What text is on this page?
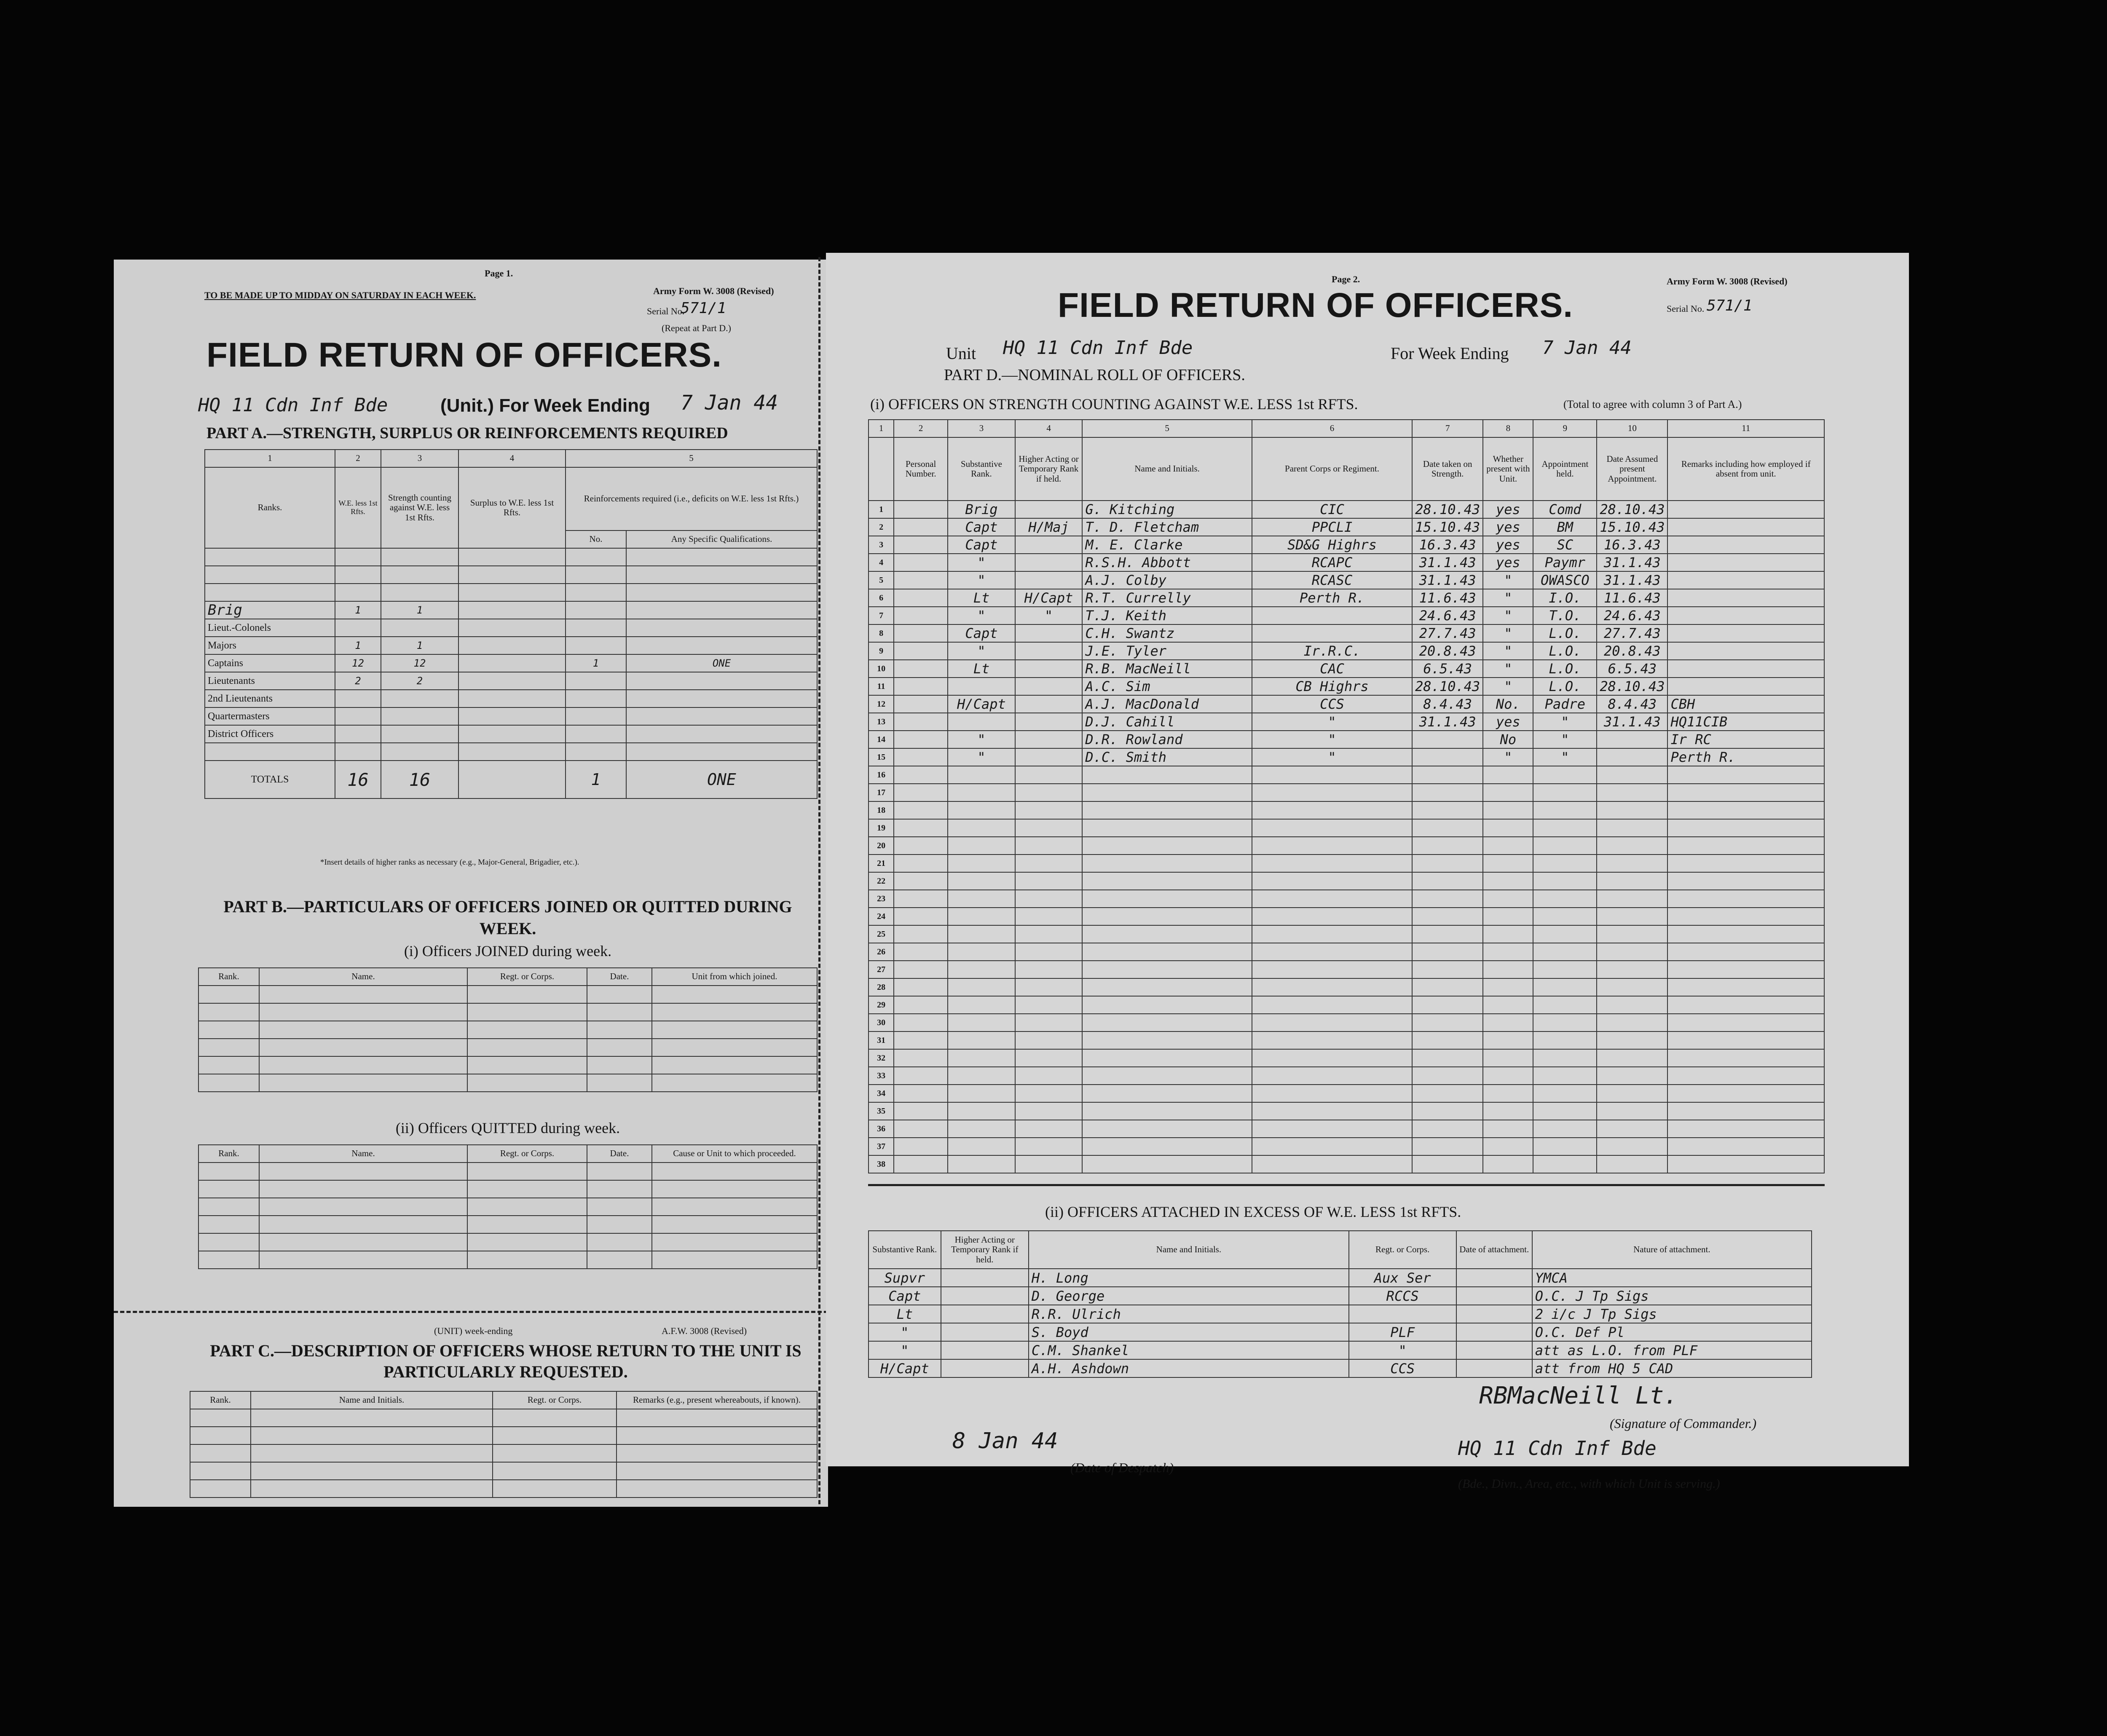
Page 1.
TO BE MADE UP TO MIDDAY ON SATURDAY IN EACH WEEK.	Army Form W. 3008 (Revised)
Serial No.
571/1
(Repeat at Part D.)
FIELD RETURN OF OFFICERS.
HQ 11 Cdn Inf Bde	(Unit.) For Week Ending 7 Jan 44
PART A.—STRENGTH, SURPLUS OR REINFORCEMENTS REQUIRED
1	2	3	4	5	
Ranks.	W.E. less 1st Rfts.	Strength counting against W.E. less 1st Rfts.	Surplus to W.E. less 1st Rfts.	Reinforcements required (i.e., deficits on W.E. less 1st Rfts.)	
				No.	Any Specific Qualifications.

Brig	1	1			
Lieut.-Colonels					
Majors	1	1			
Captains	12	12		1	ONE
Lieutenants	2	2			
2nd Lieutenants					
Quartermasters					
District Officers					

TOTALS	16	16		1	ONE
*Insert details of higher ranks as necessary (e.g., Major-General, Brigadier, etc.).
PART B.—PARTICULARS OF OFFICERS JOINED OR QUITTED DURING WEEK.
(i) Officers JOINED during week.
Rank.	Name.	Regt. or Corps.	Date.	Unit from which joined.

(ii) Officers QUITTED during week.
Rank.	Name.	Regt. or Corps.	Date.	Cause or Unit to which proceeded.

(UNIT) week-ending	A.F.W. 3008 (Revised)
PART C.—DESCRIPTION OF OFFICERS WHOSE RETURN TO THE UNIT IS PARTICULARLY REQUESTED.
Rank.	Name and Initials.	Regt. or Corps.	Remarks (e.g., present whereabouts, if known).

Page 2.	Army Form W. 3008 (Revised)
FIELD RETURN OF OFFICERS.	Serial No. 571/1
Unit HQ 11 Cdn Inf Bde	For Week Ending 7 Jan 44
PART D.—NOMINAL ROLL OF OFFICERS.
(i) OFFICERS ON STRENGTH COUNTING AGAINST W.E. LESS 1st RFTS.	(Total to agree with column 3 of Part A.)
1	2	3	4	5	6	7	8	9	10	11
	Personal Number.	Substantive Rank.	Higher Acting or Temporary Rank if held.	Name and Initials.	Parent Corps or Regiment.	Date taken on Strength.	Whether present with Unit.	Appointment held.	Date Assumed present Appointment.	Remarks including how employed if absent from unit.
1		Brig		G. Kitching	CIC	28.10.43	yes	Comd	28.10.43	
2		Capt	H/Maj	T. D. Fletcham	PPCLI	15.10.43	yes	BM	15.10.43	
3		Capt		M. E. Clarke	SD&G Highrs	16.3.43	yes	SC	16.3.43	
4		"		R.S.H. Abbott	RCAPC	31.1.43	yes	Paymr	31.1.43	
5		"		A.J. Colby	RCASC	31.1.43	"	OWASCO	31.1.43	
6		Lt	H/Capt	R.T. Currelly	Perth R.	11.6.43	"	I.O.	11.6.43	
7		"	"	T.J. Keith		24.6.43	"	T.O.	24.6.43	
8		Capt		C.H. Swantz		27.7.43	"	L.O.	27.7.43	
9		"		J.E. Tyler	Ir.R.C.	20.8.43	"	L.O.	20.8.43	
10		Lt		R.B. MacNeill	CAC	6.5.43	"	L.O.	6.5.43	
11				A.C. Sim	CB Highrs	28.10.43	"	L.O.	28.10.43	
12		H/Capt		A.J. MacDonald	CCS	8.4.43	No.	Padre	8.4.43	CBH
13				D.J. Cahill	"	31.1.43	yes	"	31.1.43	HQ11CIB
14		"		D.R. Rowland	"		No	"		Ir RC
15		"		D.C. Smith	"		"	"		Perth R.
16										
17										
18										
19										
20										
21										
22										
23										
24										
25										
26										
27										
28										
29										
30										
31										
32										
33										
34										
35										
36										
37										
38										
(ii) OFFICERS ATTACHED IN EXCESS OF W.E. LESS 1st RFTS.
Substantive Rank.	Higher Acting or Temporary Rank if held.	Name and Initials.	Regt. or Corps.	Date of attachment.	Nature of attachment.
Supvr		H. Long	Aux Ser		YMCA
Capt		D. George	RCCS		O.C. J Tp Sigs
Lt		R.R. Ulrich			2 i/c J Tp Sigs
"		S. Boyd	PLF		O.C. Def Pl
"		C.M. Shankel	"		att as L.O. from PLF
H/Capt		A.H. Ashdown	CCS		att from HQ 5 CAD
RBMacNeill Lt.
(Signature of Commander.)
8 Jan 44
(Date of Despatch)
HQ 11 Cdn Inf Bde
(Bde., Divn., Area, etc., with which Unit is serving.)
